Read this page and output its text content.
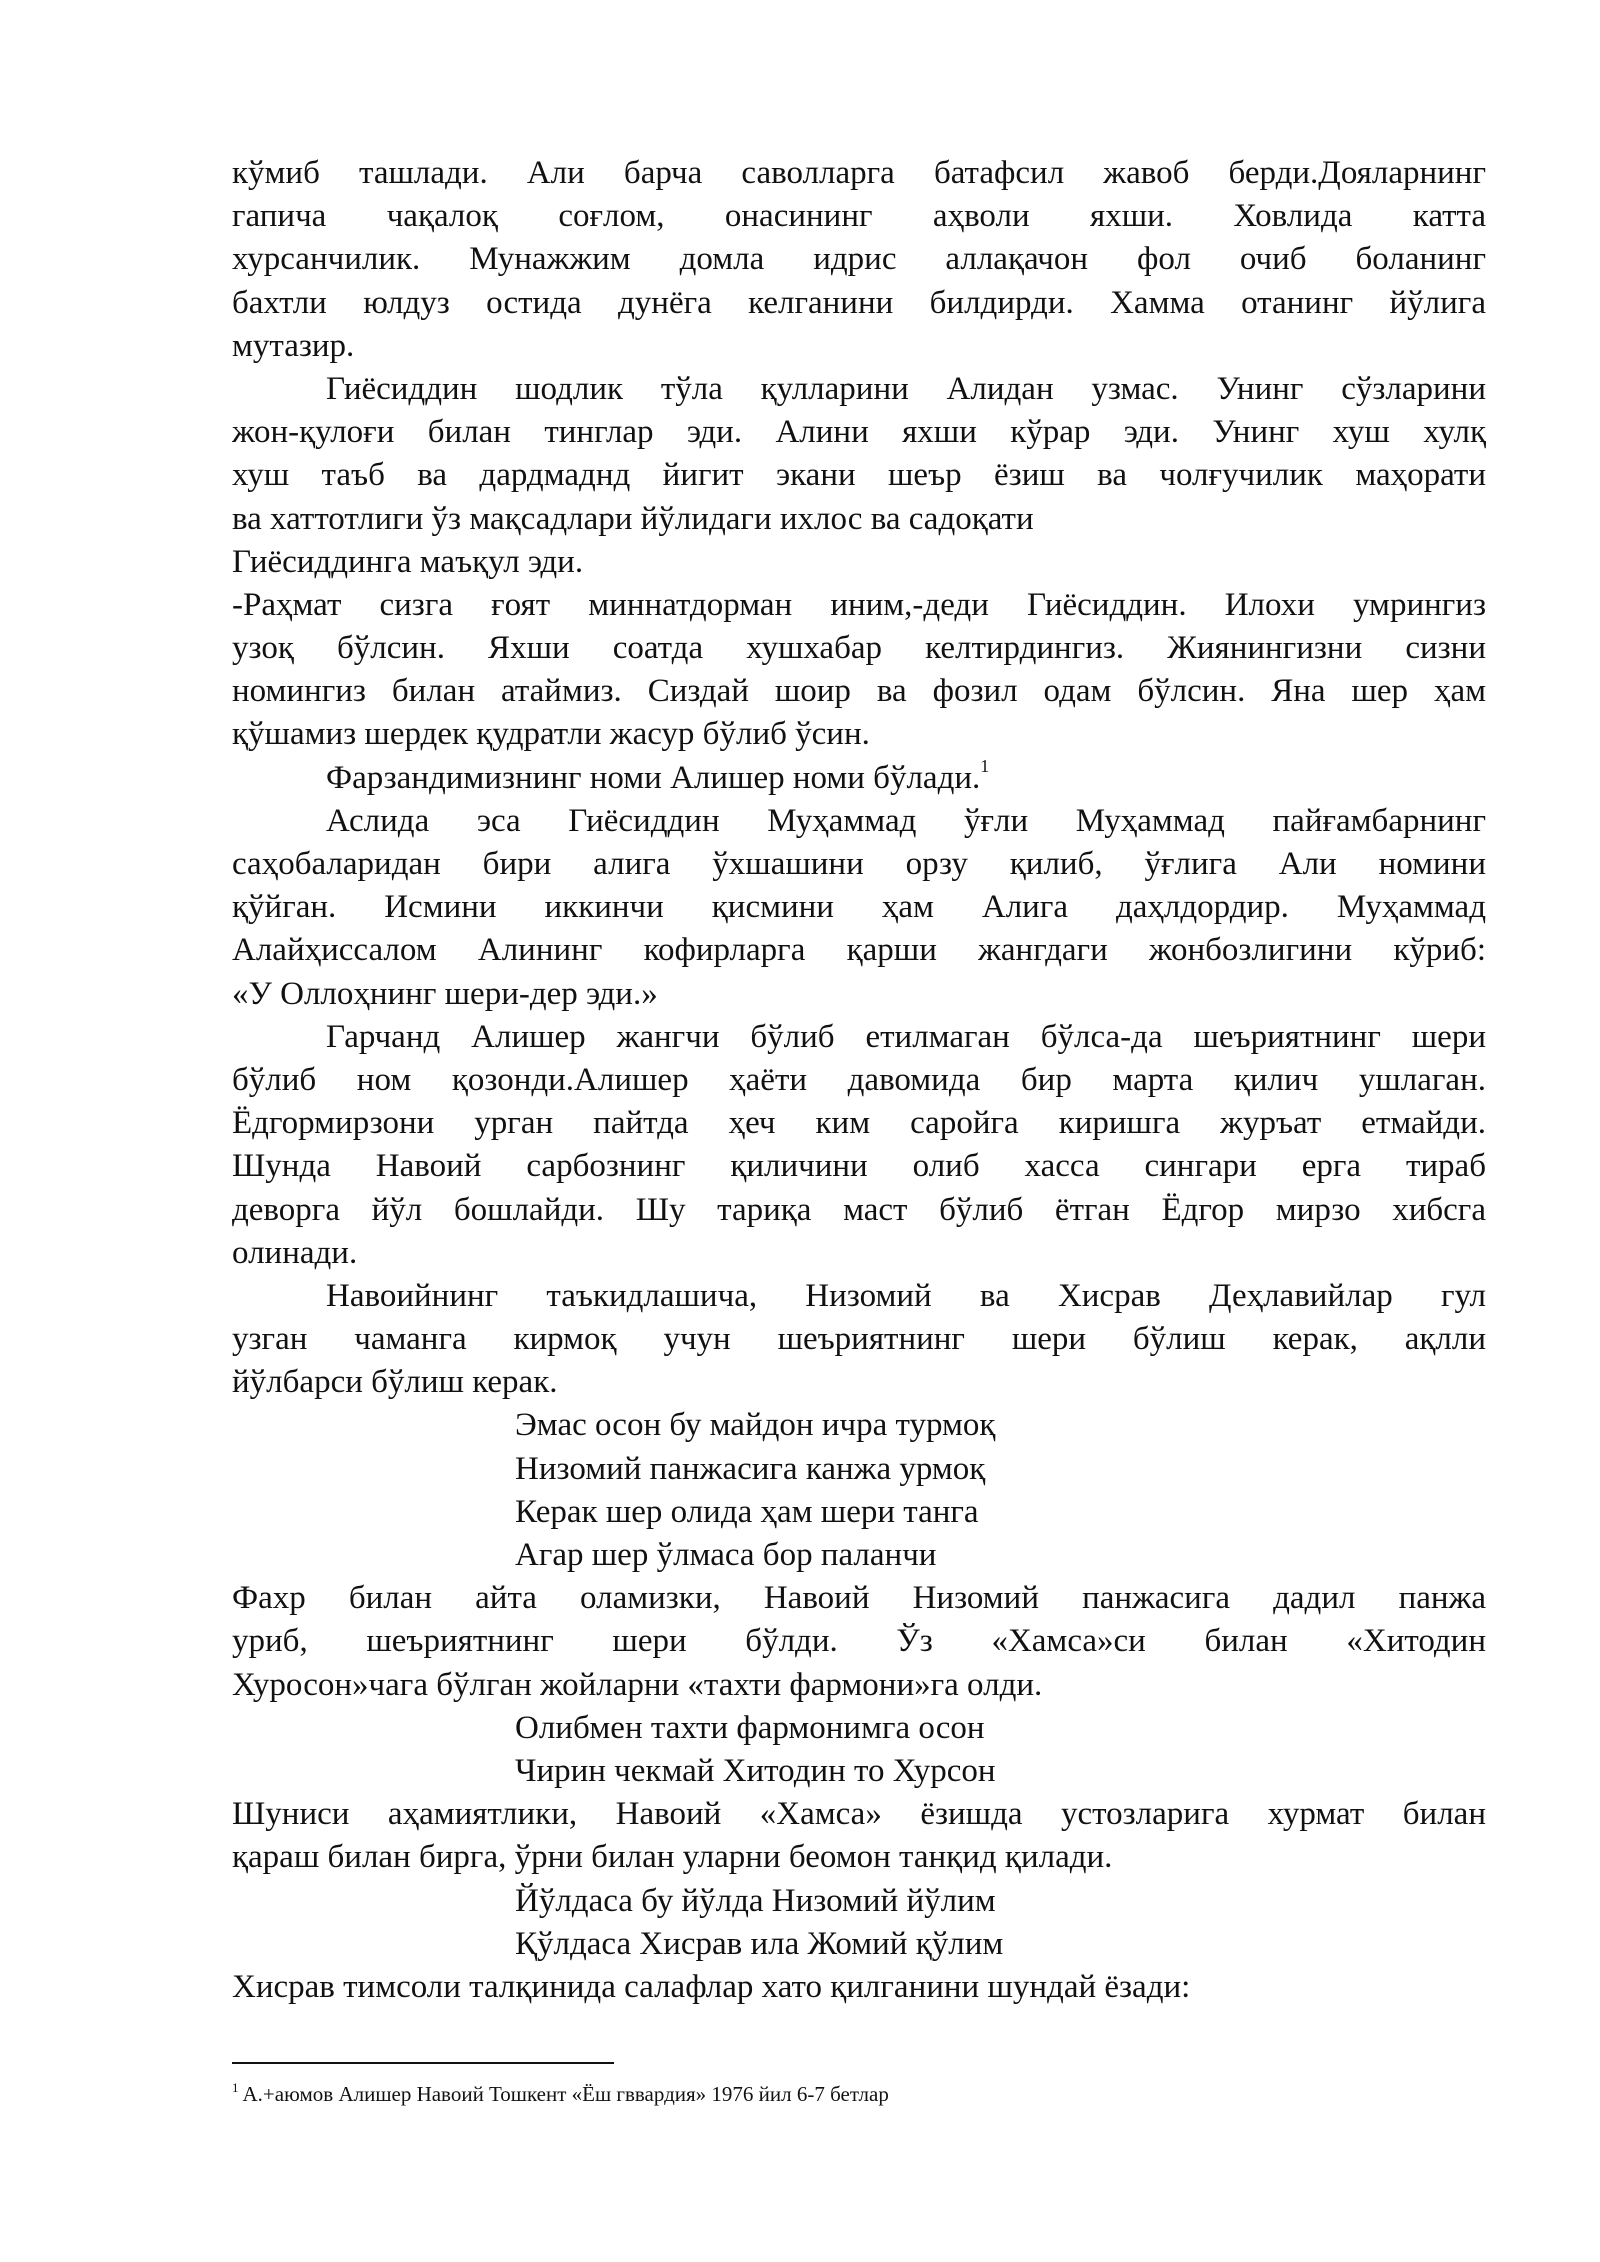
кўмиб ташлади. Али барча саволларга батафсил жавоб берди.Дояларнинг
гапича чақалоқ соғлом, онасининг аҳволи яхши. Ховлида катта
хурсанчилик. Мунажжим домла идрис аллақачон фол очиб боланинг
бахтли юлдуз остида дунёга келганини билдирди. Хамма отанинг йўлига
мутазир.
Гиёсиддин шодлик тўла қулларини Алидан узмас. Унинг сўзларини
жон-қулоғи билан тинглар эди. Алини яхши кўрар эди. Унинг хуш хулқ
хуш таъб ва дардмаднд йигит экани шеър ёзиш ва чолғучилик маҳорати
ва хаттотлиги ўз мақсадлари йўлидаги ихлос ва садоқати
Гиёсиддинга маъқул эди.
-Раҳмат сизга ғоят миннатдорман иним,-деди Гиёсиддин. Илохи умрингиз
узоқ бўлсин. Яхши соатда хушхабар келтирдингиз. Жиянингизни сизни
номингиз билан атаймиз. Сиздай шоир ва фозил одам бўлсин. Яна шер ҳам
қўшамиз шердек қудратли жасур бўлиб ўсин.
Фарзандимизнинг номи Алишер номи бўлади.$^1$
Аслида эса Гиёсиддин Муҳаммад ўғли Муҳаммад пайғамбарнинг
саҳобаларидан бири алига ўхшашини орзу қилиб, ўғлига Али номини
қўйган. Исмини иккинчи қисмини ҳам Алига даҳлдордир. Муҳаммад
Алайҳиссалом Алининг кофирларга қарши жангдаги жонбозлигини кўриб:
«У Оллоҳнинг шери-дер эди.»
Гарчанд Алишер жангчи бўлиб етилмаган бўлса-да шеъриятнинг шери
бўлиб ном қозонди.Алишер ҳаёти давомида бир марта қилич ушлаган.
Ёдгормирзони урган пайтда ҳеч ким саройга киришга журъат етмайди.
Шунда Навоий сарбознинг қиличини олиб хасса сингари ерга тираб
деворга йўл бошлайди. Шу тариқа маст бўлиб ётган Ёдгор мирзо хибсга
олинади.
Навоийнинг таъкидлашича, Низомий ва Хисрав Деҳлавийлар гул
узган чаманга кирмоқ учун шеъриятнинг шери бўлиш керак, ақлли
йўлбарси бўлиш керак.
Эмас осон бу майдон ичра турмоқ
Низомий панжасига канжа урмоқ
Керак шер олида ҳам шери танга
Агар шер ўлмаса бор паланчи
Фахр билан айта оламизки, Навоий Низомий панжасига дадил панжа
уриб, шеъриятнинг шери бўлди. Ўз «Хамса»си билан «Хитодин
Хуросон»чага бўлган жойларни «тахти фармони»га олди.
Олибмен тахти фармонимга осон
Чирин чекмай Хитодин то Хурсон
Шуниси аҳамиятлики, Навоий «Хамса» ёзишда устозларига хурмат билан
қараш билан бирга, ўрни билан уларни беомон танқид қилади.
Йўлдаса бу йўлда Низомий йўлим
Қўлдаса Хисрав ила Жомий қўлим
Хисрав тимсоли талқинида салафлар хато қилганини шундай ёзади:
$^1$ А.+аюмов Алишер Навоий Тошкент «Ёш гввардия» 1976 йил 6-7 бетлар
